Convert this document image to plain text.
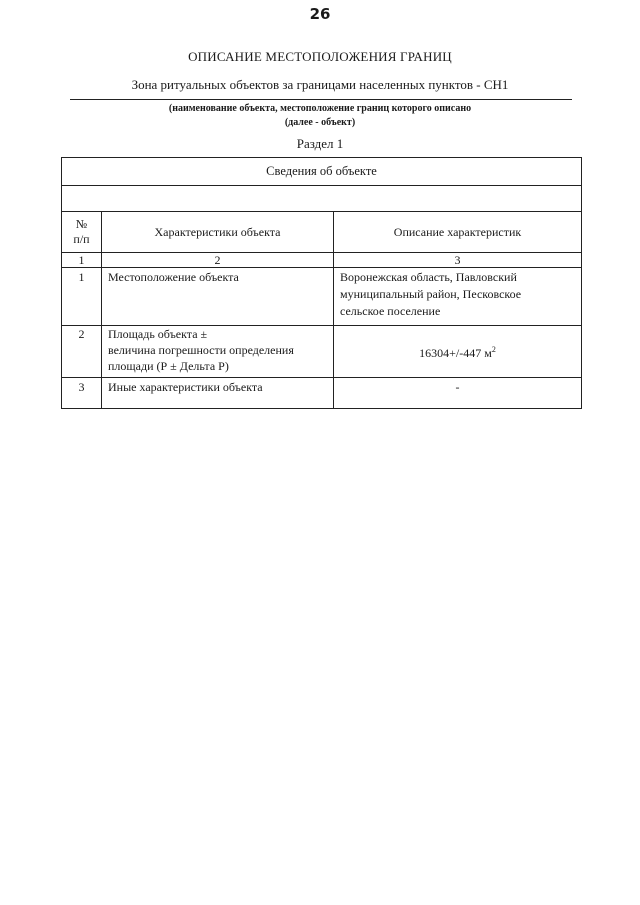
26
ОПИСАНИЕ МЕСТОПОЛОЖЕНИЯ ГРАНИЦ
Зона ритуальных объектов за границами населенных пунктов - СН1
(наименование объекта, местоположение границ которого описано
(далее - объект)
Раздел 1
Сведения об объекте		

№
п/п	Характеристики объекта	Описание характеристик
1	2	3
1	Местоположение объекта	Воронежская область, Павловский
муниципальный район, Песковское
сельское поселение

2	Площадь объекта ±
величина погрешности определения
площади (Р ± Дельта Р)	16304+/-447 $м^2$
3	Иные характеристики объекта	-
